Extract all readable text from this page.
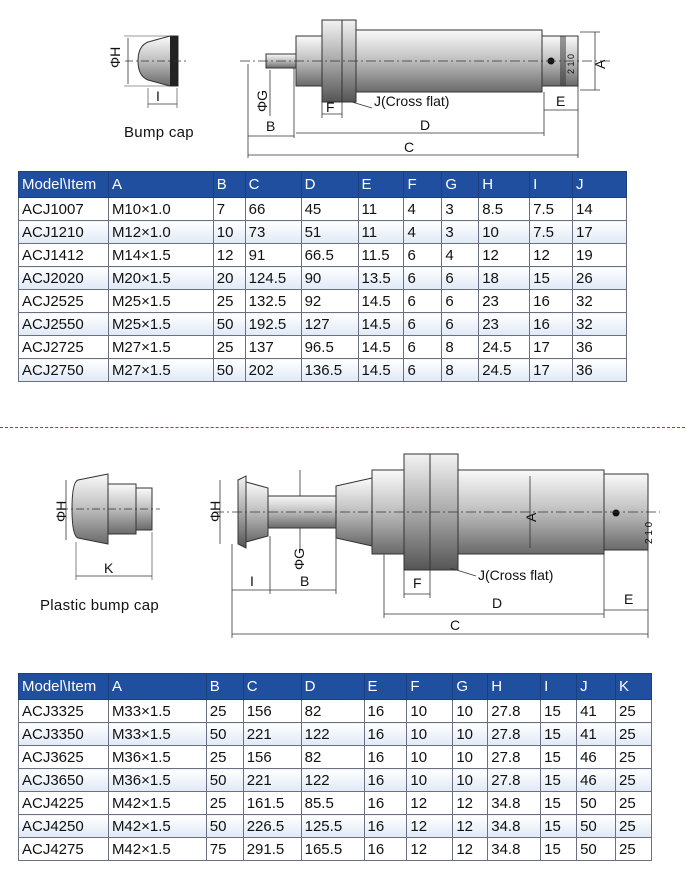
ΦH
I
2 1 0
ΦG
B
F	J(Cross flat)
D
C
E
A
Bump cap
Model\Item	A	B	C	D	E	F	G	H	I	J
ACJ1007	M10×1.0	7	66	45	11	4	3	8.5	7.5	14
ACJ1210	M12×1.0	10	73	51	11	4	3	10	7.5	17
ACJ1412	M14×1.5	12	91	66.5	11.5	6	4	12	12	19
ACJ2020	M20×1.5	20	124.5	90	13.5	6	6	18	15	26
ACJ2525	M25×1.5	25	132.5	92	14.5	6	6	23	16	32
ACJ2550	M25×1.5	50	192.5	127	14.5	6	6	23	16	32
ACJ2725	M27×1.5	25	137	96.5	14.5	6	8	24.5	17	36
ACJ2750	M27×1.5	50	202	136.5	14.5	6	8	24.5	17	36
ΦH
K
2 1 0
ΦH
I
ΦG
B	F	J(Cross flat)
D
C
E
A
Plastic bump cap
Model\Item	A	B	C	D	E	F	G	H	I	J	K
ACJ3325	M33×1.5	25	156	82	16	10	10	27.8	15	41	25
ACJ3350	M33×1.5	50	221	122	16	10	10	27.8	15	41	25
ACJ3625	M36×1.5	25	156	82	16	10	10	27.8	15	46	25
ACJ3650	M36×1.5	50	221	122	16	10	10	27.8	15	46	25
ACJ4225	M42×1.5	25	161.5	85.5	16	12	12	34.8	15	50	25
ACJ4250	M42×1.5	50	226.5	125.5	16	12	12	34.8	15	50	25
ACJ4275	M42×1.5	75	291.5	165.5	16	12	12	34.8	15	50	25
